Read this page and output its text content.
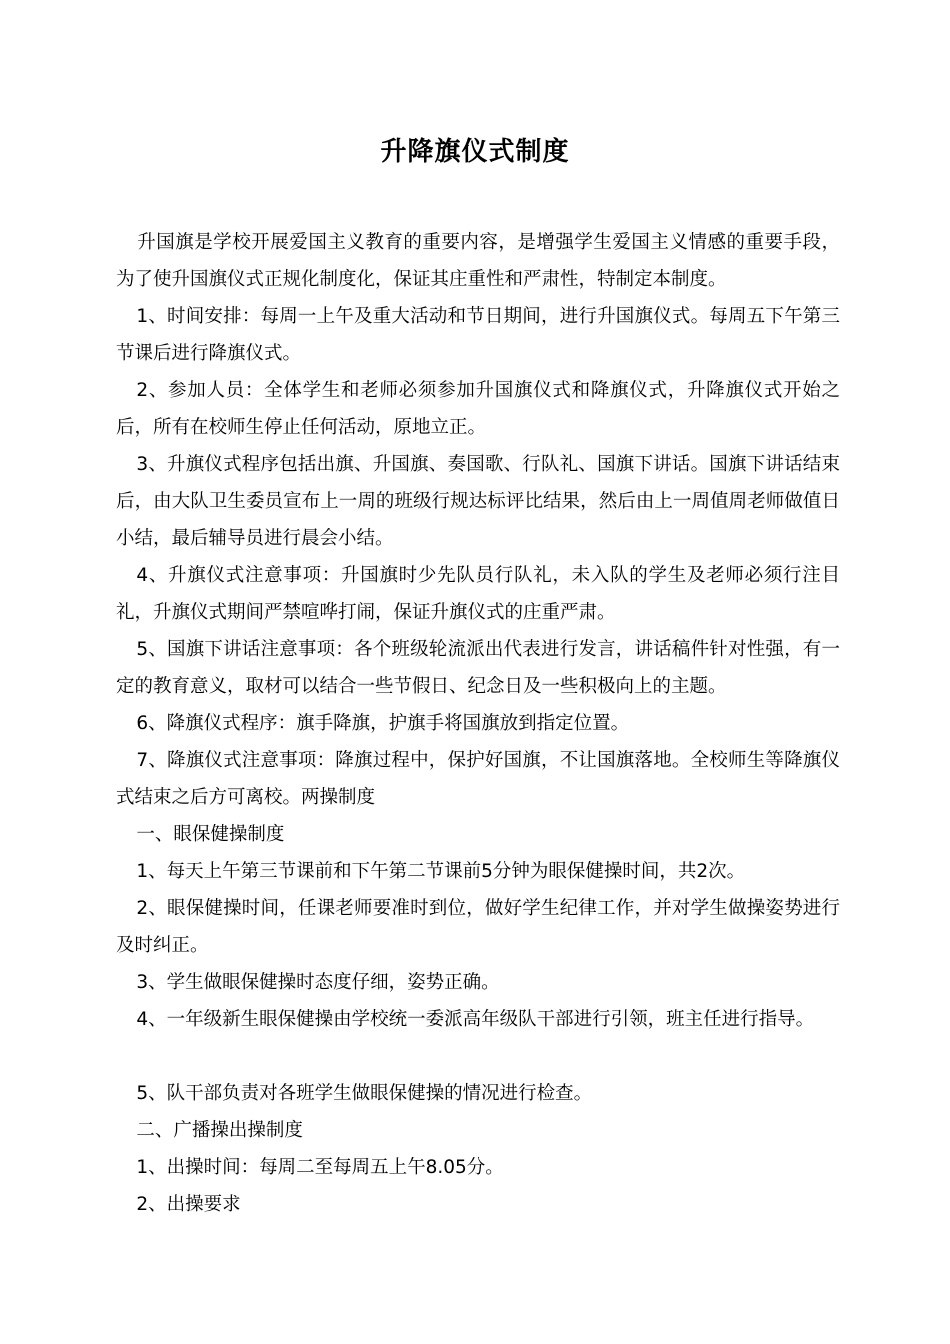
升降旗仪式制度

升国旗是学校开展爱国主义教育的重要内容，是增强学生爱国主义情感的重要手段，为了使升国旗仪式正规化制度化，保证其庄重性和严肃性，特制定本制度。

1、时间安排：每周一上午及重大活动和节日期间，进行升国旗仪式。每周五下午第三节课后进行降旗仪式。

2、参加人员：全体学生和老师必须参加升国旗仪式和降旗仪式，升降旗仪式开始之后，所有在校师生停止任何活动，原地立正。

3、升旗仪式程序包括出旗、升国旗、奏国歌、行队礼、国旗下讲话。国旗下讲话结束后，由大队卫生委员宣布上一周的班级行规达标评比结果，然后由上一周值周老师做值日小结，最后辅导员进行晨会小结。

4、升旗仪式注意事项：升国旗时少先队员行队礼，未入队的学生及老师必须行注目礼，升旗仪式期间严禁喧哗打闹，保证升旗仪式的庄重严肃。

5、国旗下讲话注意事项：各个班级轮流派出代表进行发言，讲话稿件针对性强，有一定的教育意义，取材可以结合一些节假日、纪念日及一些积极向上的主题。

6、降旗仪式程序：旗手降旗，护旗手将国旗放到指定位置。

7、降旗仪式注意事项：降旗过程中，保护好国旗，不让国旗落地。全校师生等降旗仪式结束之后方可离校。两操制度

一、眼保健操制度

1、每天上午第三节课前和下午第二节课前5分钟为眼保健操时间，共2次。

2、眼保健操时间，任课老师要准时到位，做好学生纪律工作，并对学生做操姿势进行及时纠正。

3、学生做眼保健操时态度仔细，姿势正确。

4、一年级新生眼保健操由学校统一委派高年级队干部进行引领，班主任进行指导。

5、队干部负责对各班学生做眼保健操的情况进行检查。

二、广播操出操制度

1、出操时间：每周二至每周五上午8.05分。

2、出操要求
